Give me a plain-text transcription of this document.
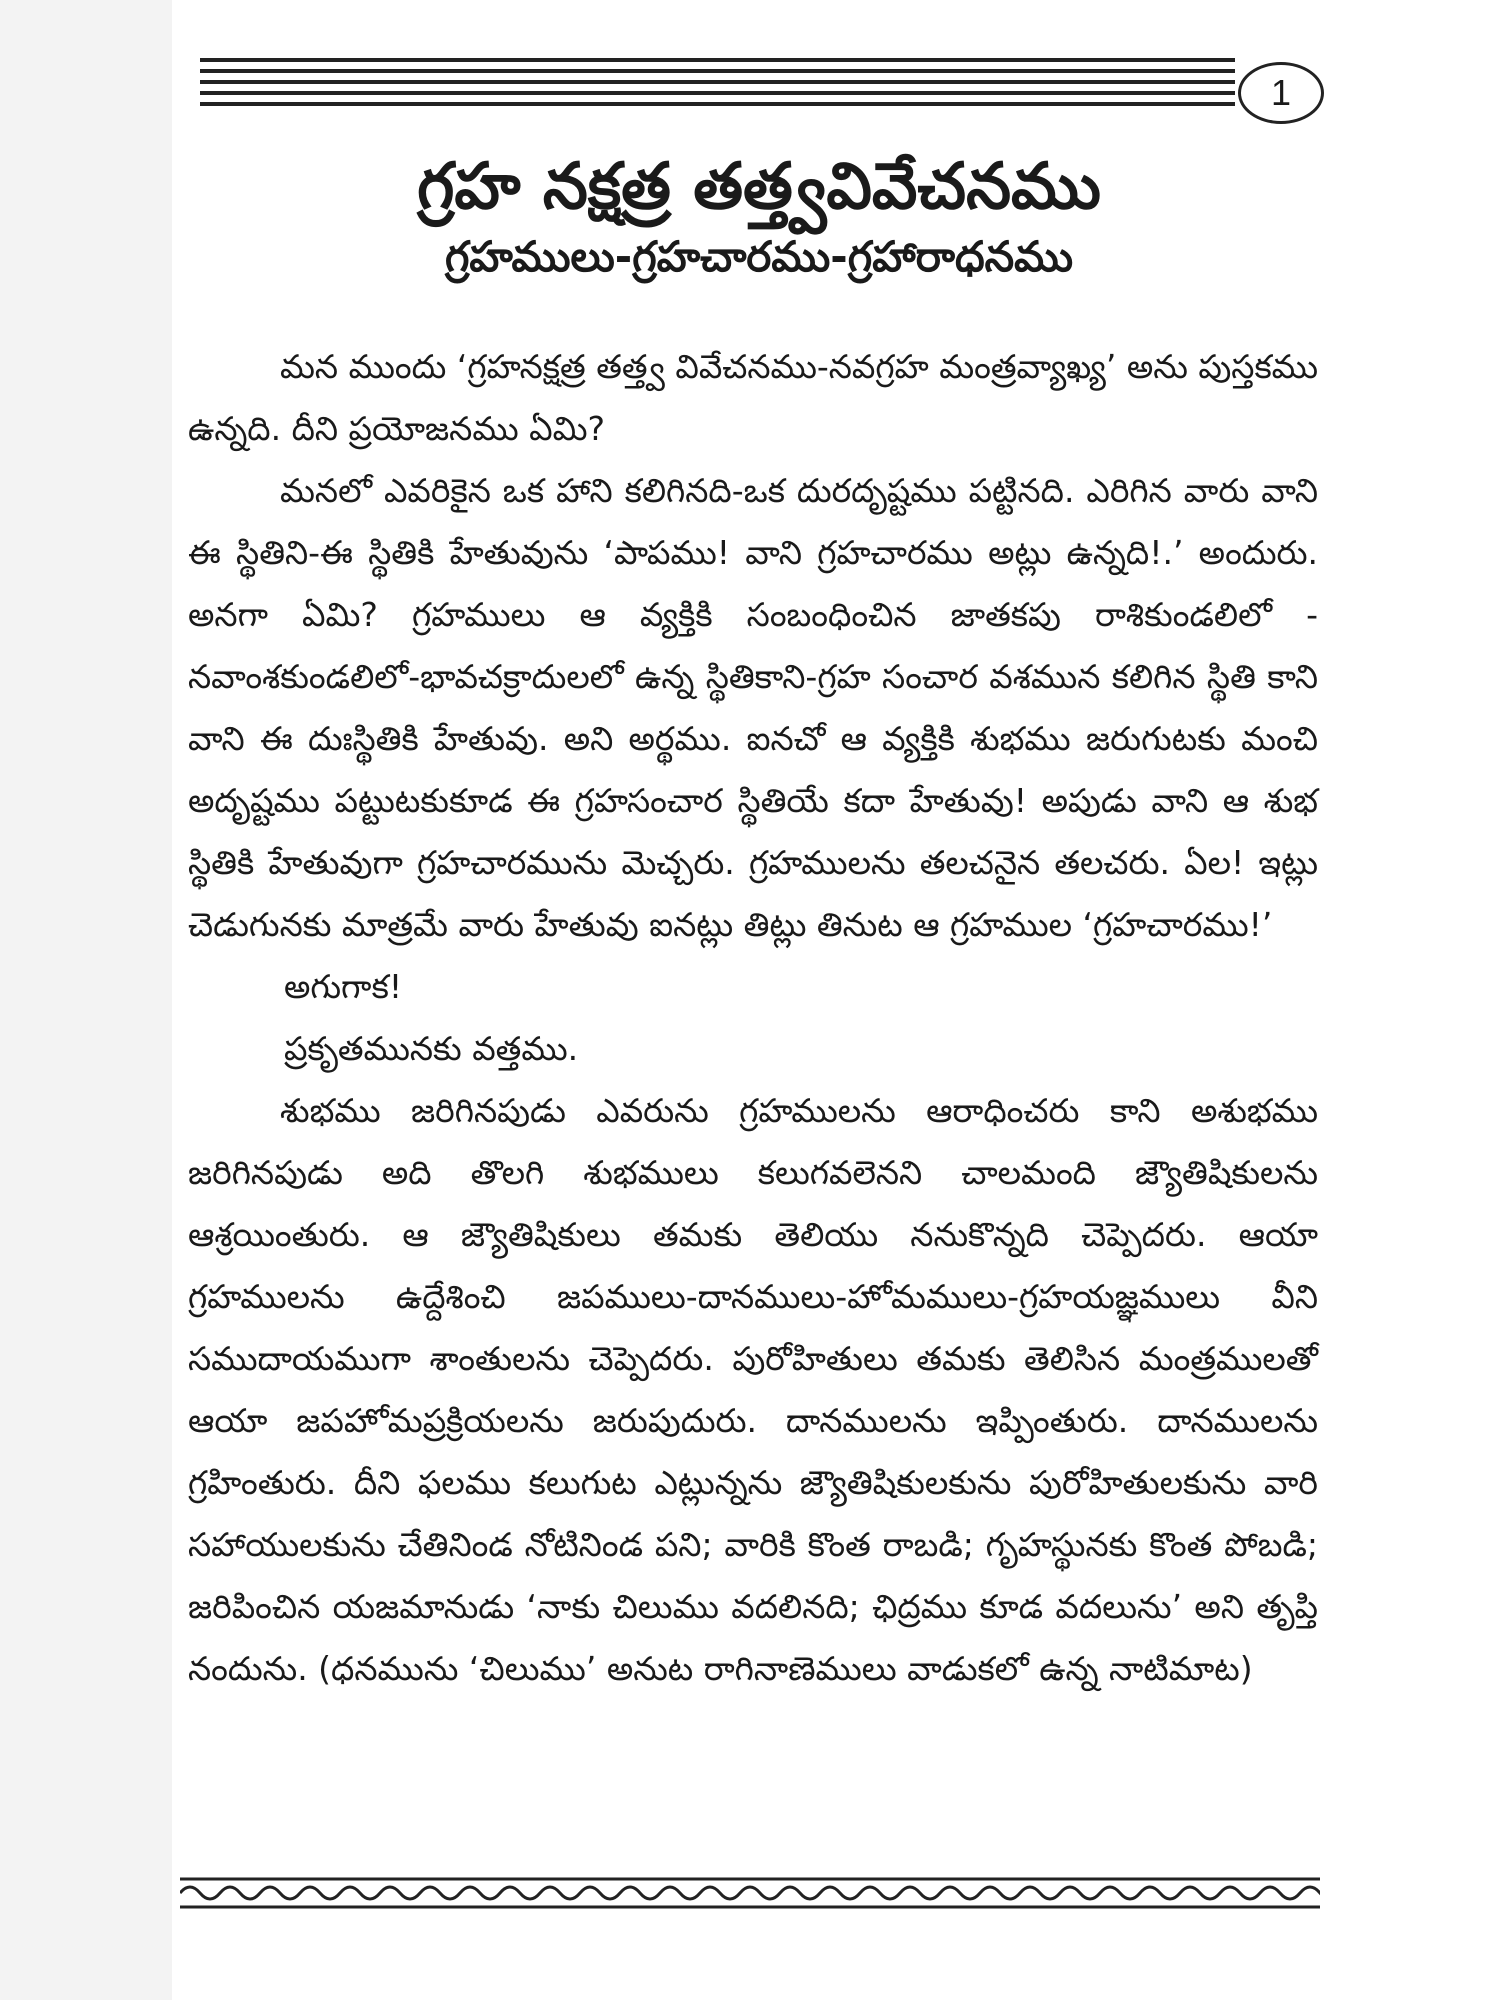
1
గ్రహ నక్షత్ర తత్త్వవివేచనము
గ్రహములు-గ్రహచారము-గ్రహారాధనము

మన ముందు ‘గ్రహనక్షత్ర తత్త్వ వివేచనము-నవగ్రహ మంత్రవ్యాఖ్య’ అను పుస్తకము ఉన్నది. దీని ప్రయోజనము ఏమి?

మనలో ఎవరికైన ఒక హాని కలిగినది-ఒక దురదృష్టము పట్టినది. ఎరిగిన వారు వాని ఈ స్థితిని-ఈ స్థితికి హేతువును ‘పాపము! వాని గ్రహచారము అట్లు ఉన్నది!.’ అందురు. అనగా ఏమి? గ్రహములు ఆ వ్యక్తికి సంబంధించిన జాతకపు రాశికుండలిలో - నవాంశకుండలిలో-భావచక్రాదులలో ఉన్న స్థితికాని-గ్రహ సంచార వశమున కలిగిన స్థితి కాని వాని ఈ దుఃస్థితికి హేతువు. అని అర్థము. ఐనచో ఆ వ్యక్తికి శుభము జరుగుటకు మంచి అదృష్టము పట్టుటకుకూడ ఈ గ్రహసంచార స్థితియే కదా హేతువు! అపుడు వాని ఆ శుభ స్థితికి హేతువుగా గ్రహచారమును మెచ్చరు. గ్రహములను తలచనైన తలచరు. ఏల! ఇట్లు చెడుగునకు మాత్రమే వారు హేతువు ఐనట్లు తిట్లు తినుట ఆ గ్రహముల ‘గ్రహచారము!’

అగుగాక!

ప్రకృతమునకు వత్తము.

శుభము జరిగినపుడు ఎవరును గ్రహములను ఆరాధించరు కాని అశుభము జరిగినపుడు అది తొలగి శుభములు కలుగవలెనని చాలమంది జ్యౌతిషికులను ఆశ్రయింతురు. ఆ జ్యౌతిషికులు తమకు తెలియు ననుకొన్నది చెప్పెదరు. ఆయా గ్రహములను ఉద్దేశించి జపములు-దానములు-హోమములు-గ్రహయజ్ఞములు వీని సముదాయముగా శాంతులను చెప్పెదరు. పురోహితులు తమకు తెలిసిన మంత్రములతో ఆయా జపహోమప్రక్రియలను జరుపుదురు. దానములను ఇప్పింతురు. దానములను గ్రహింతురు. దీని ఫలము కలుగుట ఎట్లున్నను జ్యౌతిషికులకును పురోహితులకును వారి సహాయులకును చేతినిండ నోటినిండ పని; వారికి కొంత రాబడి; గృహస్థునకు కొంత పోబడి; జరిపించిన యజమానుడు ‘నాకు చిలుము వదలినది; ఛిద్రము కూడ వదలును’ అని తృప్తి నందును. (ధనమును ‘చిలుము’ అనుట రాగినాణెములు వాడుకలో ఉన్న నాటిమాట)
